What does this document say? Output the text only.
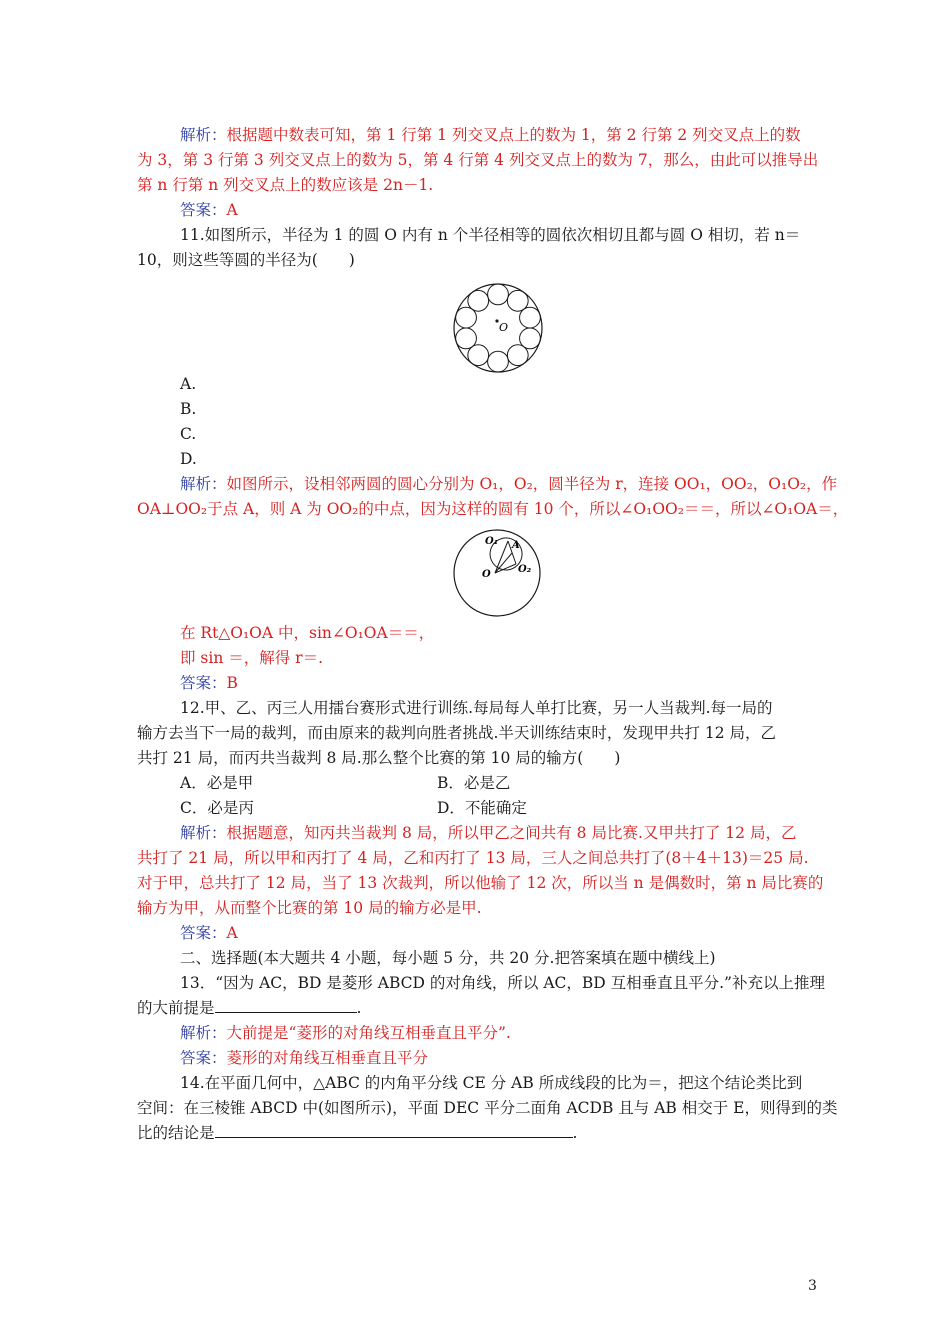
解析：根据题中数表可知，第 1 行第 1 列交叉点上的数为 1，第 2 行第 2 列交叉点上的数
为 3，第 3 行第 3 列交叉点上的数为 5，第 4 行第 4 列交叉点上的数为 7，那么，由此可以推导出
第 n 行第 n 列交叉点上的数应该是 2n－1.
答案：A
11.如图所示，半径为 1 的圆 O 内有 n 个半径相等的圆依次相切且都与圆 O 相切，若 n＝
10，则这些等圆的半径为(　　)
O
A.
B.
C.
D.
解析：如图所示，设相邻两圆的圆心分别为 O₁，O₂，圆半径为 r，连接 OO₁，OO₂，O₁O₂，作
OA⊥OO₂于点 A，则 A 为 OO₂的中点，因为这样的圆有 10 个，所以∠O₁OO₂＝＝，所以∠O₁OA＝，
O₁ A
O	O₂
在 Rt△O₁OA 中，sin∠O₁OA＝＝，
即 sin ＝，解得 r＝.
答案：B
12.甲、乙、丙三人用擂台赛形式进行训练.每局每人单打比赛，另一人当裁判.每一局的
输方去当下一局的裁判，而由原来的裁判向胜者挑战.半天训练结束时，发现甲共打 12 局，乙
共打 21 局，而丙共当裁判 8 局.那么整个比赛的第 10 局的输方(　　)
A．必是甲	B．必是乙
C．必是丙	D．不能确定
解析：根据题意，知丙共当裁判 8 局，所以甲乙之间共有 8 局比赛.又甲共打了 12 局，乙
共打了 21 局，所以甲和丙打了 4 局，乙和丙打了 13 局，三人之间总共打了(8＋4＋13)＝25 局.
对于甲，总共打了 12 局，当了 13 次裁判，所以他输了 12 次，所以当 n 是偶数时，第 n 局比赛的
输方为甲，从而整个比赛的第 10 局的输方必是甲.
答案：A
二、选择题(本大题共 4 小题，每小题 5 分，共 20 分.把答案填在题中横线上)
13．“因为 AC，BD 是菱形 ABCD 的对角线，所以 AC，BD 互相垂直且平分.”补充以上推理
的大前提是	.
解析：大前提是“菱形的对角线互相垂直且平分”.
答案：菱形的对角线互相垂直且平分
14.在平面几何中，△ABC 的内角平分线 CE 分 AB 所成线段的比为＝，把这个结论类比到
空间：在三棱锥 ABCD 中(如图所示)，平面 DEC 平分二面角 ACDB 且与 AB 相交于 E，则得到的类
比的结论是	.
3
